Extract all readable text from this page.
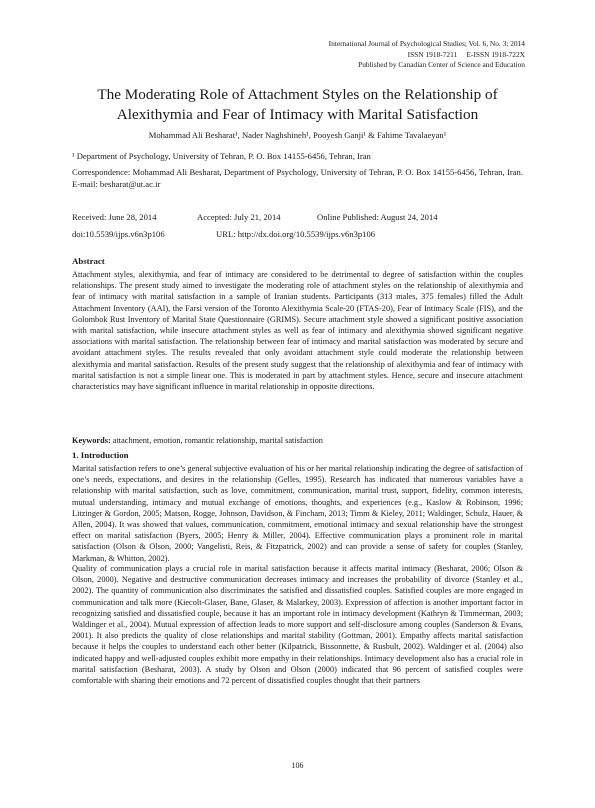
International Journal of Psychological Studies; Vol. 6, No. 3; 2014
ISSN 1918-7211     E-ISSN 1918-722X
Published by Canadian Center of Science and Education
The Moderating Role of Attachment Styles on the Relationship of Alexithymia and Fear of Intimacy with Marital Satisfaction
Mohammad Ali Besharat¹, Nader Naghshineh¹, Pooyesh Ganji¹ & Fahime Tavalaeyan¹
¹ Department of Psychology, University of Tehran, P. O. Box 14155-6456, Tehran, Iran
Correspondence: Mohammad Ali Besharat, Department of Psychology, University of Tehran, P. O. Box 14155-6456, Tehran, Iran. E-mail: besharat@ut.ac.ir
Received: June 28, 2014	Accepted: July 21, 2014	Online Published: August 24, 2014
doi:10.5539/ijps.v6n3p106	URL: http://dx.doi.org/10.5539/ijps.v6n3p106
Abstract
Attachment styles, alexithymia, and fear of intimacy are considered to be detrimental to degree of satisfaction within the couples relationships. The present study aimed to investigate the moderating role of attachment styles on the relationship of alexithymia and fear of intimacy with marital satisfaction in a sample of Iranian students. Participants (313 males, 375 females) filled the Adult Attachment Inventory (AAI), the Farsi version of the Toronto Alexithymia Scale-20 (FTAS-20), Fear of Intimacy Scale (FIS), and the Golombok Rust Inventory of Marital State Questionnaire (GRIMS). Secure attachment style showed a significant positive association with marital satisfaction, while insecure attachment styles as well as fear of intimacy and alexithymia showed significant negative associations with marital satisfaction. The relationship between fear of intimacy and marital satisfaction was moderated by secure and avoidant attachment styles. The results revealed that only avoidant attachment style could moderate the relationship between alexithymia and marital satisfaction. Results of the present study suggest that the relationship of alexithymia and fear of intimacy with marital satisfaction is not a simple linear one. This is moderated in part by attachment styles. Hence, secure and insecure attachment characteristics may have significant influence in marital relationship in opposite directions.
Keywords: attachment, emotion, romantic relationship, marital satisfaction
1. Introduction
Marital satisfaction refers to one’s general subjective evaluation of his or her marital relationship indicating the degree of satisfaction of one’s needs, expectations, and desires in the relationship (Gelles, 1995). Research has indicated that numerous variables have a relationship with marital satisfaction, such as love, commitment, communication, marital trust, support, fidelity, common interests, mutual understanding, intimacy and mutual exchange of emotions, thoughts, and experiences (e.g., Kaslow & Robinson, 1996; Litzinger & Gordon, 2005; Matson, Rogge, Johnson, Davidson, & Fincham, 2013; Timm & Kieley, 2011; Waldinger, Schulz, Hauer, & Allen, 2004). It was showed that values, communication, commitment, emotional intimacy and sexual relationship have the strongest effect on marital satisfaction (Byers, 2005; Henry & Miller, 2004). Effective communication plays a prominent role in marital satisfaction (Olson & Olson, 2000; Vangelisti, Reis, & Fitzpatrick, 2002) and can provide a sense of safety for couples (Stanley, Markman, & Whitton, 2002).
Quality of communication plays a crucial role in marital satisfaction because it affects marital intimacy (Besharat, 2006; Olson & Olson, 2000). Negative and destructive communication decreases intimacy and increases the probability of divorce (Stanley et al., 2002). The quantity of communication also discriminates the satisfied and dissatisfied couples. Satisfied couples are more engaged in communication and talk more (Kiecolt-Glaser, Bane, Glaser, & Malarkey, 2003). Expression of affection is another important factor in recognizing satisfied and dissatisfied couple, because it has an important role in intimacy development (Kathryn & Timmerman, 2003; Waldinger et al., 2004). Mutual expression of affection leads to more support and self-disclosure among couples (Sanderson & Evans, 2001). It also predicts the quality of close relationships and marital stability (Gottman, 2001). Empathy affects marital satisfaction because it helps the couples to understand each other better (Kilpatrick, Bissonnette, & Rusbult, 2002). Waldinger et al. (2004) also indicated happy and well-adjusted couples exhibit more empathy in their relationships. Intimacy development also has a crucial role in marital satisfaction (Besharat, 2003). A study by Olson and Olson (2000) indicated that 96 percent of satisfied couples were comfortable with sharing their emotions and 72 percent of dissatisfied couples thought that their partners
106
